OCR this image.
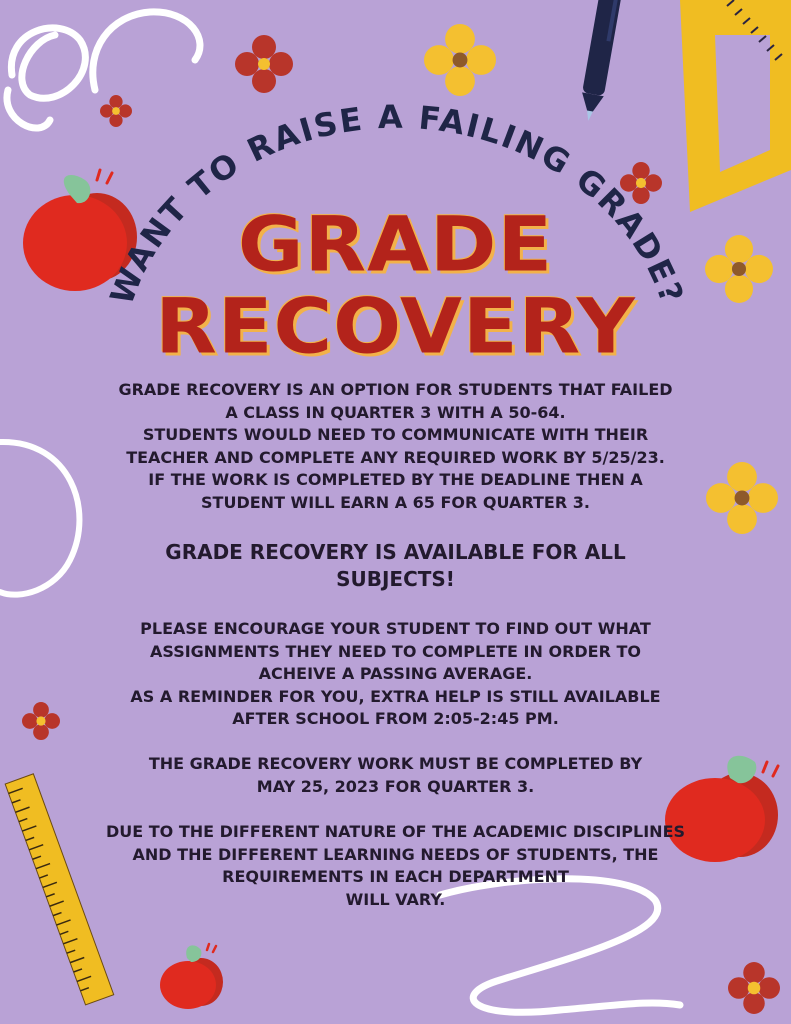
WANT TO RAISE A FAILING GRADE?
GRADE
RECOVERY
GRADE RECOVERY IS AN OPTION FOR STUDENTS THAT FAILED
A CLASS IN QUARTER 3 WITH A 50-64.
STUDENTS WOULD NEED TO COMMUNICATE WITH THEIR
TEACHER AND COMPLETE ANY REQUIRED WORK BY 5/25/23.
IF THE WORK IS COMPLETED BY THE DEADLINE THEN A
STUDENT WILL EARN A 65 FOR QUARTER 3.
GRADE RECOVERY IS AVAILABLE FOR ALL
SUBJECTS!
PLEASE ENCOURAGE YOUR STUDENT TO FIND OUT WHAT
ASSIGNMENTS THEY NEED TO COMPLETE IN ORDER TO
ACHEIVE A PASSING AVERAGE.
AS A REMINDER FOR YOU, EXTRA HELP IS STILL AVAILABLE
AFTER SCHOOL FROM 2:05-2:45 PM.
THE GRADE RECOVERY WORK MUST BE COMPLETED BY
MAY 25, 2023 FOR QUARTER 3.
DUE TO THE DIFFERENT NATURE OF THE ACADEMIC DISCIPLINES
AND THE DIFFERENT LEARNING NEEDS OF STUDENTS, THE
REQUIREMENTS IN EACH DEPARTMENT
WILL VARY.
